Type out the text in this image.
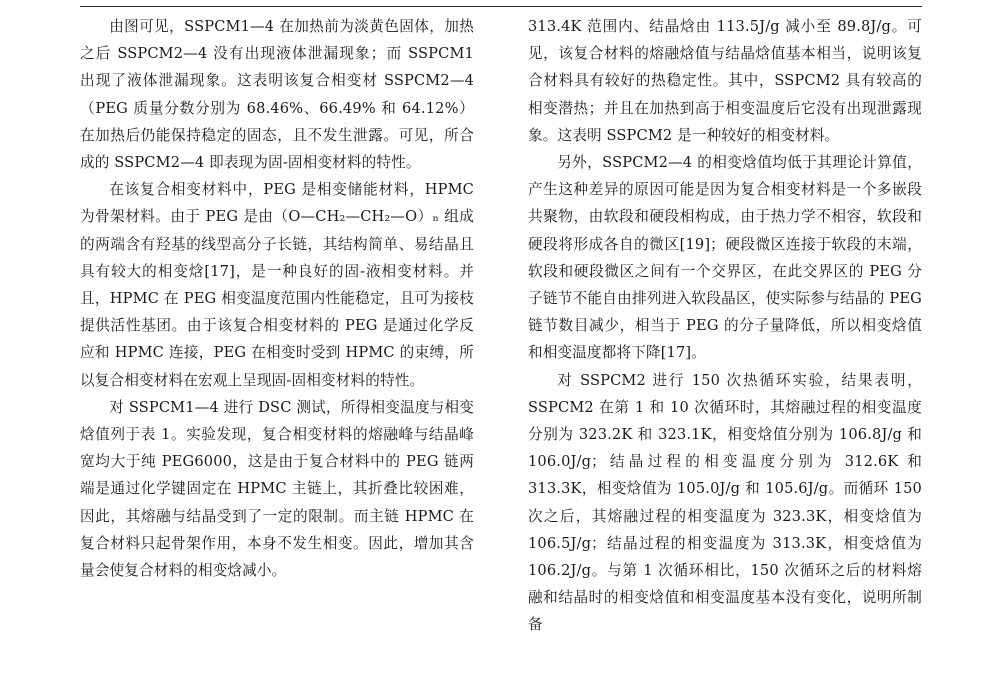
由图可见，SSPCM1—4 在加热前为淡黄色固体，加热之后 SSPCM2—4 没有出现液体泄漏现象；而 SSPCM1 出现了液体泄漏现象。这表明该复合相变材 SSPCM2—4（PEG 质量分数分别为 68.46%、66.49% 和 64.12%）在加热后仍能保持稳定的固态，且不发生泄露。可见，所合成的 SSPCM2—4 即表现为固-固相变材料的特性。

在该复合相变材料中，PEG 是相变储能材料，HPMC 为骨架材料。由于 PEG 是由（O—CH₂—CH₂—O）ₙ 组成的两端含有羟基的线型高分子长链，其结构简单、易结晶且具有较大的相变焓[17]，是一种良好的固-液相变材料。并且，HPMC 在 PEG 相变温度范围内性能稳定，且可为接枝提供活性基团。由于该复合相变材料的 PEG 是通过化学反应和 HPMC 连接，PEG 在相变时受到 HPMC 的束缚，所以复合相变材料在宏观上呈现固-固相变材料的特性。

对 SSPCM1—4 进行 DSC 测试，所得相变温度与相变焓值列于表 1。实验发现，复合相变材料的熔融峰与结晶峰宽均大于纯 PEG6000，这是由于复合材料中的 PEG 链两端是通过化学键固定在 HPMC 主链上，其折叠比较困难，因此，其熔融与结晶受到了一定的限制。而主链 HPMC 在复合材料只起骨架作用，本身不发生相变。因此，增加其含量会使复合材料的相变焓减小。

313.4K 范围内、结晶焓由 113.5J/g 减小至 89.8J/g。可见，该复合材料的熔融焓值与结晶焓值基本相当，说明该复合材料具有较好的热稳定性。其中，SSPCM2 具有较高的相变潜热；并且在加热到高于相变温度后它没有出现泄露现象。这表明 SSPCM2 是一种较好的相变材料。

另外，SSPCM2—4 的相变焓值均低于其理论计算值，产生这种差异的原因可能是因为复合相变材料是一个多嵌段共聚物，由软段和硬段相构成，由于热力学不相容，软段和硬段将形成各自的微区[19]；硬段微区连接于软段的末端，软段和硬段微区之间有一个交界区，在此交界区的 PEG 分子链节不能自由排列进入软段晶区，使实际参与结晶的 PEG 链节数目减少，相当于 PEG 的分子量降低，所以相变焓值和相变温度都将下降[17]。

对 SSPCM2 进行 150 次热循环实验，结果表明，SSPCM2 在第 1 和 10 次循环时，其熔融过程的相变温度分别为 323.2K 和 323.1K，相变焓值分别为 106.8J/g 和 106.0J/g；结晶过程的相变温度分别为 312.6K 和 313.3K，相变焓值为 105.0J/g 和 105.6J/g。而循环 150 次之后，其熔融过程的相变温度为 323.3K，相变焓值为 106.5J/g；结晶过程的相变温度为 313.3K，相变焓值为 106.2J/g。与第 1 次循环相比，150 次循环之后的材料熔融和结晶时的相变焓值和相变温度基本没有变化，说明所制备
